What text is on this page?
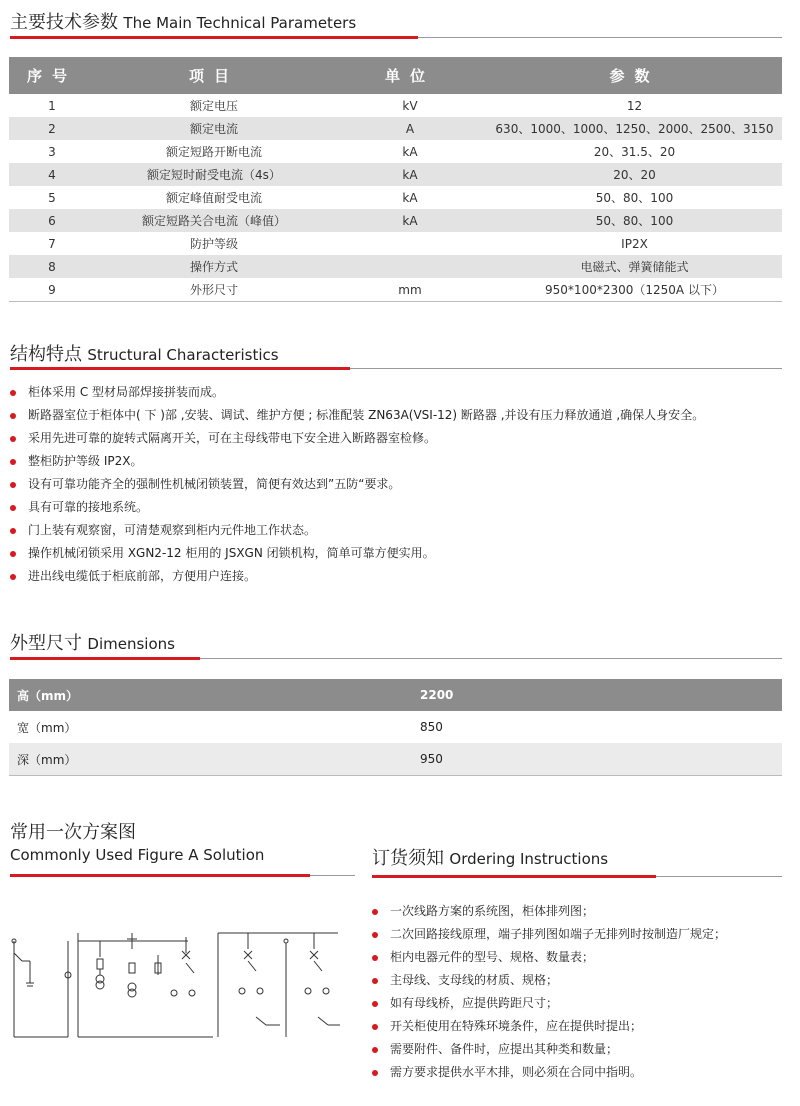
主要技术参数 The Main Technical Parameters
序号	项目	单位	参数
1	额定电压	kV	12
2	额定电流	A	630、1000、1000、1250、2000、2500、3150
3	额定短路开断电流	kA	20、31.5、20
4	额定短时耐受电流（4s）	kA	20、20
5	额定峰值耐受电流	kA	50、80、100
6	额定短路关合电流（峰值）	kA	50、80、100
7	防护等级		IP2X
8	操作方式		电磁式、弹簧储能式
9	外形尺寸	mm	950*100*2300（1250A 以下）
结构特点 Structural Characteristics
柜体采用 C 型材局部焊接拼装而成。
断路器室位于柜体中( 下 )部 ,安装、调试、维护方便 ; 标准配装 ZN63A(VSI-12) 断路器 ,并设有压力释放通道 ,确保人身安全。
采用先进可靠的旋转式隔离开关，可在主母线带电下安全进入断路器室检修。
整柜防护等级 IP2X。
设有可靠功能齐全的强制性机械闭锁装置，简便有效达到”五防“要求。
具有可靠的接地系统。
门上装有观察窗，可清楚观察到柜内元件地工作状态。
操作机械闭锁采用 XGN2-12 柜用的 JSXGN 闭锁机构，简单可靠方便实用。
进出线电缆低于柜底前部，方便用户连接。
外型尺寸 Dimensions
高（mm）	2200
宽（mm）	850
深（mm）	950
常用一次方案图
Commonly Used Figure A Solution	订货须知 Ordering Instructions
一次线路方案的系统图，柜体排列图；
二次回路接线原理，端子排列图如端子无排列时按制造厂规定；
柜内电器元件的型号、规格、数量表；
主母线、支母线的材质、规格；
如有母线桥，应提供跨距尺寸；
开关柜使用在特殊环境条件，应在提供时提出；
需要附件、备件时，应提出其种类和数量；
需方要求提供水平木排，则必须在合同中指明。
